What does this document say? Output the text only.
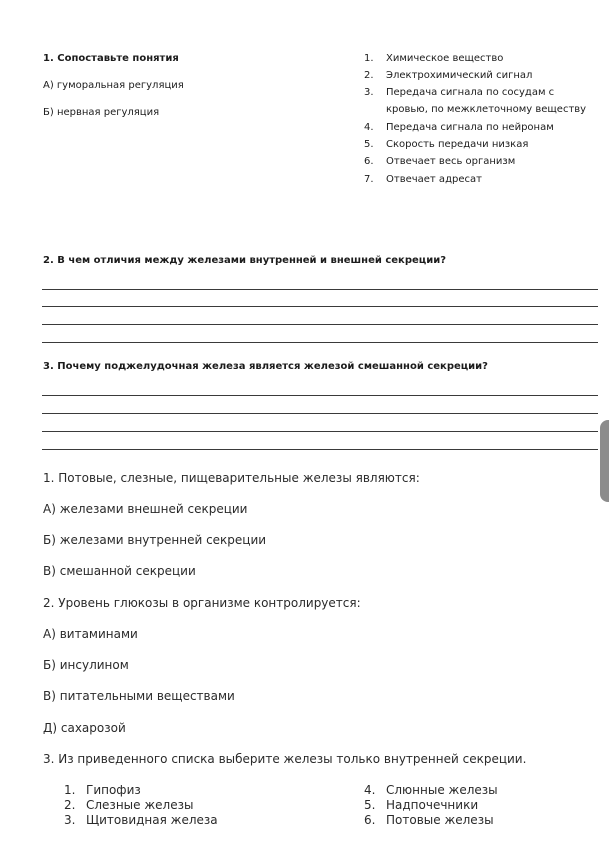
1. Сопоставьте понятия
А) гуморальная регуляция
Б) нервная регуляция
1. Химическое вещество
2. Электрохимический сигнал
3. Передача сигнала по сосудам с
кровью, по межклеточному веществу
4. Передача сигнала по нейронам
5. Скорость передачи низкая
6. Отвечает весь организм
7. Отвечает адресат
2. В чем отличия между железами внутренней и внешней секреции?
3. Почему поджелудочная железа является железой смешанной секреции?
1. Потовые, слезные, пищеварительные железы являются:
А) железами внешней секреции
Б) железами внутренней секреции
В) смешанной секреции
2. Уровень глюкозы в организме контролируется:
А) витаминами
Б) инсулином
В) питательными веществами
Д) сахарозой
3. Из приведенного списка выберите железы только внутренней секреции.
1. Гипофиз
2. Слезные железы
3. Щитовидная железа
4. Слюнные железы
5. Надпочечники
6. Потовые железы
